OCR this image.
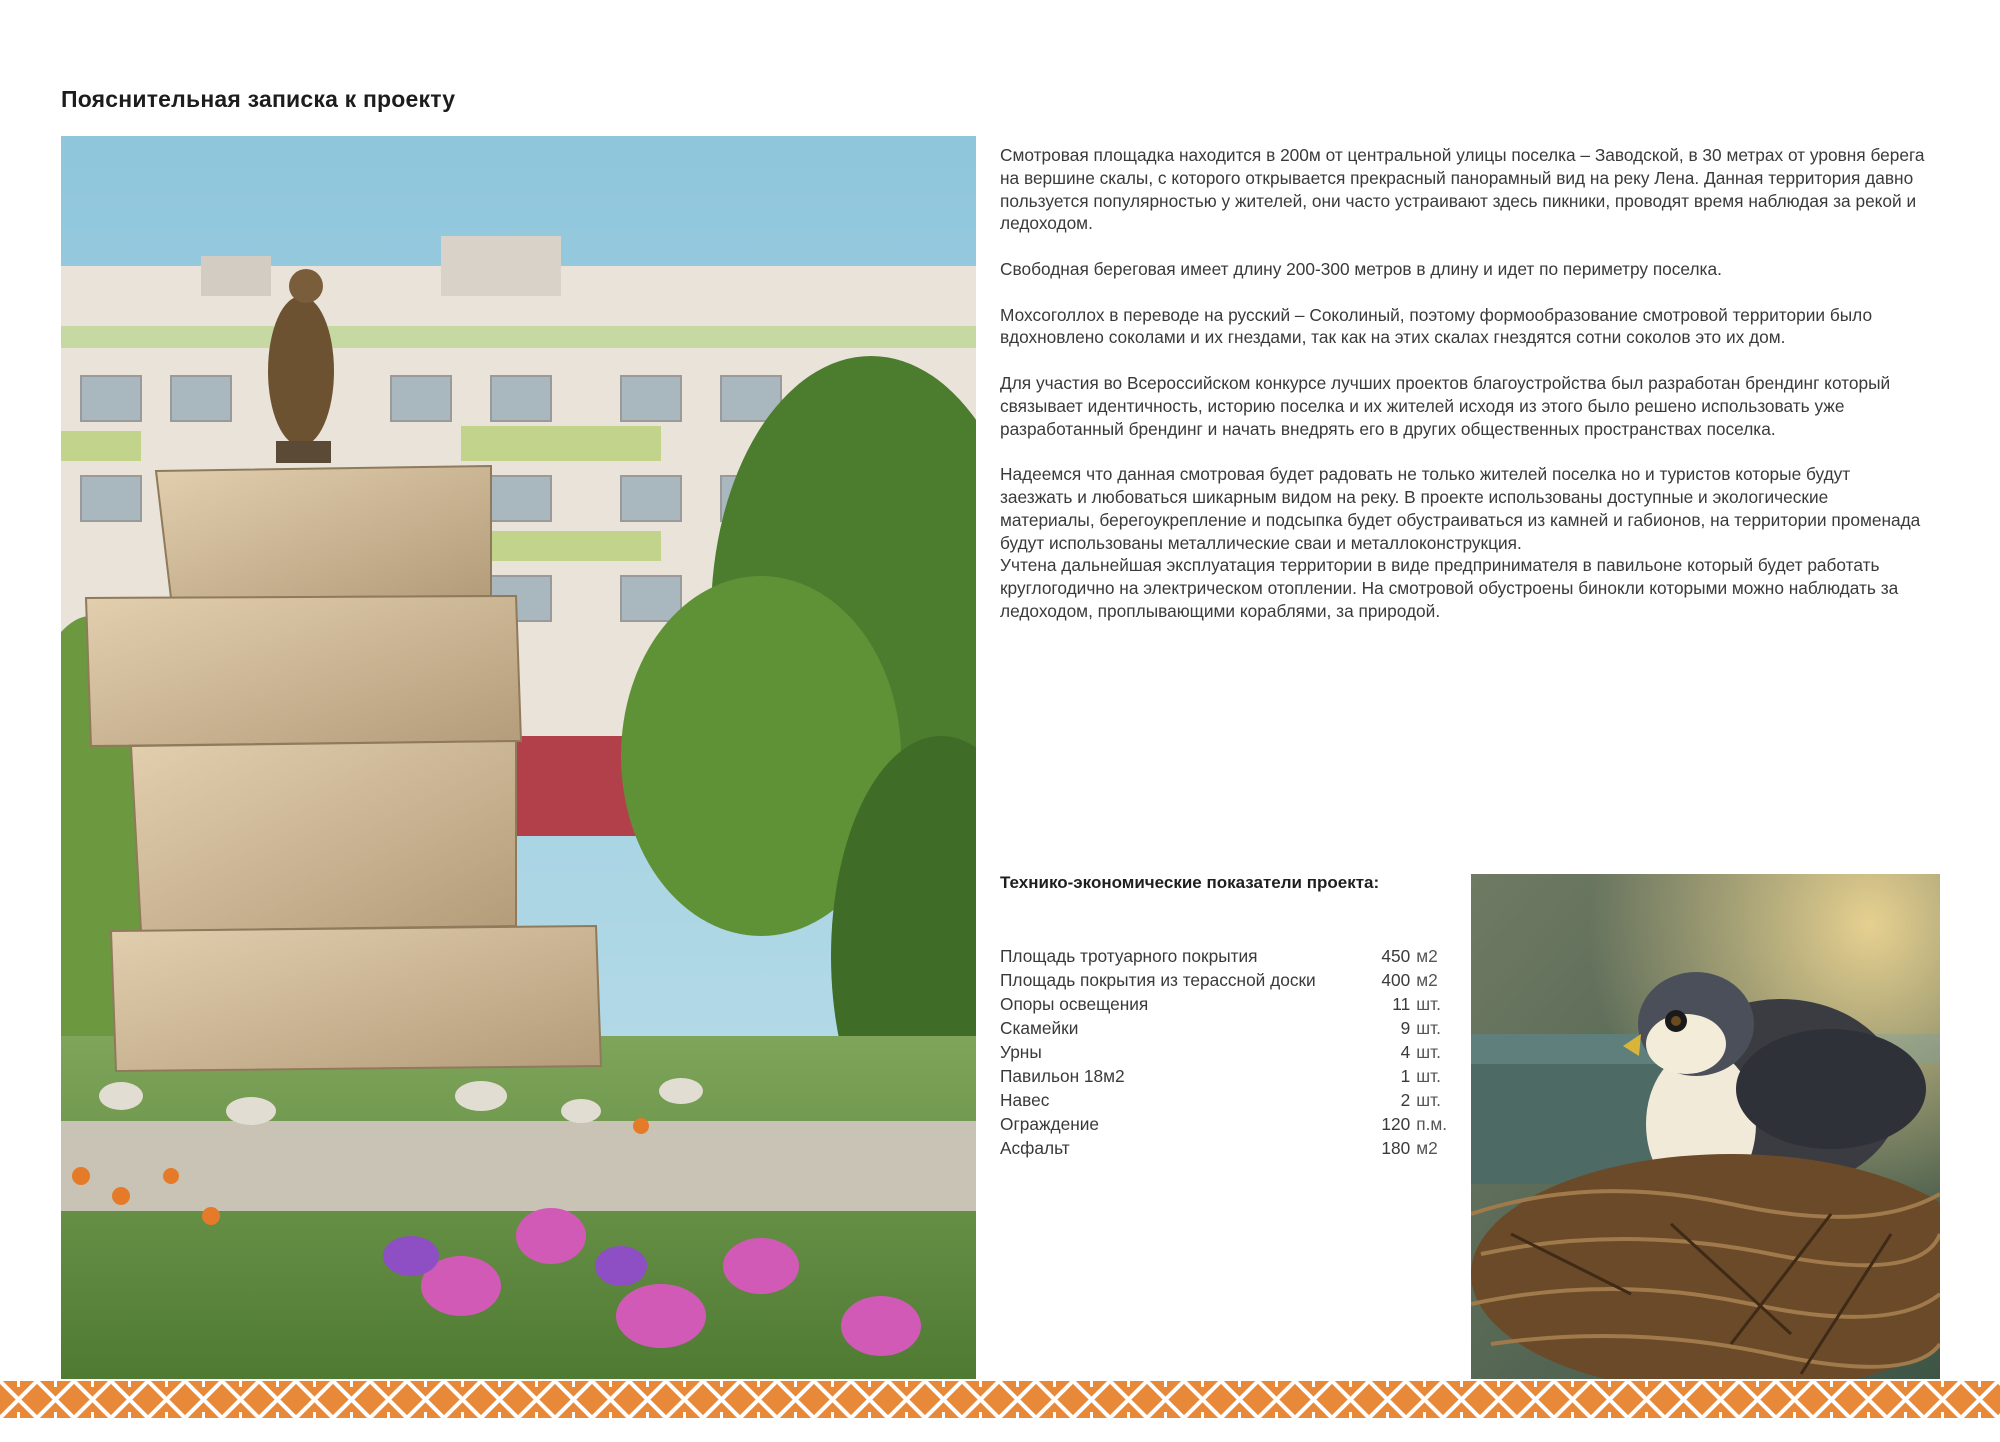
Пояснительная записка к проекту

Смотровая площадка находится в 200м от центральной улицы поселка – Заводской, в 30 метрах от уровня берега на вершине скалы, с которого открывается прекрасный панорамный вид на реку Лена. Данная территория давно пользуется популярностью у жителей, они часто устраивают здесь пикники, проводят время наблюдая за рекой и ледоходом.

Свободная береговая имеет длину 200-300 метров в длину и идет по периметру поселка.

Мохсоголлох в переводе на русский – Соколиный, поэтому формообразование смотровой территории было вдохновлено соколами и их гнездами, так как на этих скалах гнездятся сотни соколов это их дом.

Для участия во Всероссийском конкурсе лучших проектов благоустройства был разработан брендинг который связывает идентичность, историю поселка и их жителей исходя из этого было решено использовать уже разработанный брендинг и начать внедрять его в других общественных пространствах поселка.

Надеемся что данная смотровая будет радовать не только жителей поселка но и туристов которые будут заезжать и любоваться шикарным видом на реку. В проекте использованы доступные и экологические материалы, берегоукрепление и подсыпка будет обустраиваться из камней и габионов, на территории променада будут использованы металлические сваи и металлоконструкция.

Учтена дальнейшая эксплуатация территории в виде предпринимателя в павильоне который будет работать круглогодично на электрическом отоплении. На смотровой обустроены бинокли которыми можно наблюдать за ледоходом, проплывающими кораблями, за природой.

Технико-экономические показатели проекта:
Площадь тротуарного покрытия	450	м2
Площадь покрытия из терассной доски	400	м2
Опоры освещения	11	шт.
Скамейки	9	шт.
Урны	4	шт.
Павильон 18м2	1	шт.
Навес	2	шт.
Ограждение	120	п.м.
Асфальт	180	м2
